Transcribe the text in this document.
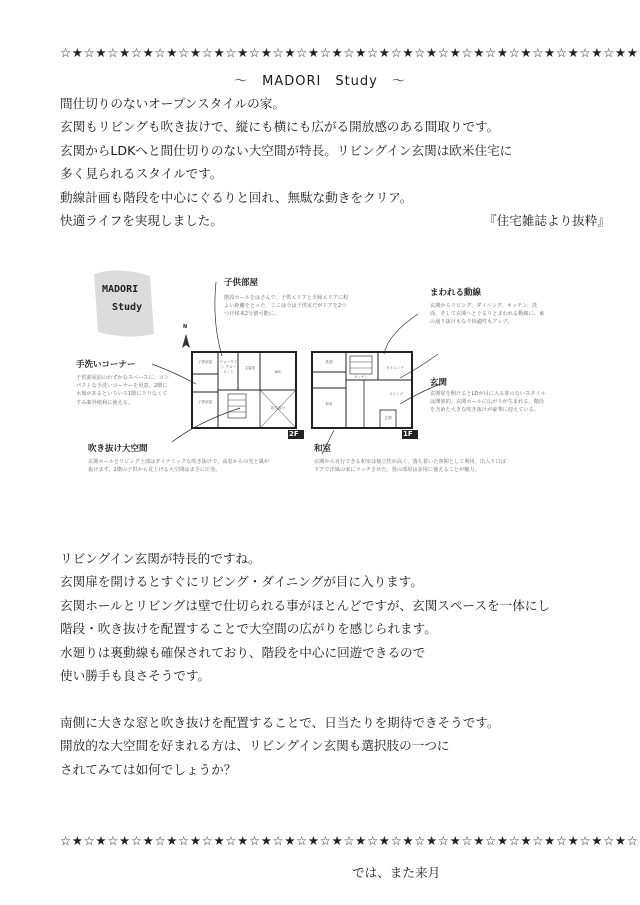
☆★☆★☆★☆★☆★☆★☆★☆★☆★☆★☆★☆★☆★☆★☆★☆★☆★☆★☆★☆★☆★☆★☆★☆★★
～　MADORI　Study　～
間仕切りのないオープンスタイルの家。
玄関もリビングも吹き抜けで、縦にも横にも広がる開放感のある間取りです。
玄関からLDKへと間仕切りのない大空間が特長。リビングイン玄関は欧米住宅に
多く見られるスタイルです。
動線計画も階段を中心にぐるりと回れ、無駄な動きをクリア。
快適ライフを実現しました。	『住宅雑誌より抜粋』
MADORI
Study
N
子供部屋
階段ホールをはさんで、子供エリアと夫婦エリアに程よい距離をとった。ここは今は子供室だがドアを2つつけ将来2分割可能に。
まわれる動線
玄関からリビング、ダイニング、キッチン、洗面、そして玄関へとぐるりとまわれる動線に。東の通り抜けもなり快適性もアップ。
手洗いコーナー
子供部屋前のわずかなスペースに、コンパクトな手洗いコーナーを用意。2階に水場があるといろいろ1階に下りなくてすみ案外便利に使える。
玄関
玄関扉を開けるとLDが目に入る扉のないスタイルは開放的。玄関ホールに広がりが生まれる。階段を含めた大きな吹き抜けが豪華に迎えている。
吹き抜け大空間
玄関ホールとリビング上部はダイナミックな吹き抜けで、高窓からの光と風が抜けます。2階の子供から見上げる大空間はまさに圧巻。
和室
玄関から直行できる和室は独立性が高く、落ち着いた客間として利用。出入り口はドアで洋風の家にマッチさせた。畳の部屋は多用に使えることが魅力。
2F	1F
子供部屋	ウォークイン クローゼット
主寝室
子供部屋
吹き抜け
WIC
キッチン
ダイニング
洗面
和室
リビング
玄関
リビングイン玄関が特長的ですね。
玄関扉を開けるとすぐにリビング・ダイニングが目に入ります。
玄関ホールとリビングは壁で仕切られる事がほとんどですが、玄関スペースを一体にし
階段・吹き抜けを配置することで大空間の広がりを感じられます。
水廻りは裏動線も確保されており、階段を中心に回遊できるので
使い勝手も良さそうです。
南側に大きな窓と吹き抜けを配置することで、日当たりを期待できそうです。
開放的な大空間を好まれる方は、リビングイン玄関も選択肢の一つに
されてみては如何でしょうか？
☆★☆★☆★☆★☆★☆★☆★☆★☆★☆★☆★☆★☆★☆★☆★☆★☆★☆★☆★☆★☆★☆★☆★☆★☆
では、また来月
